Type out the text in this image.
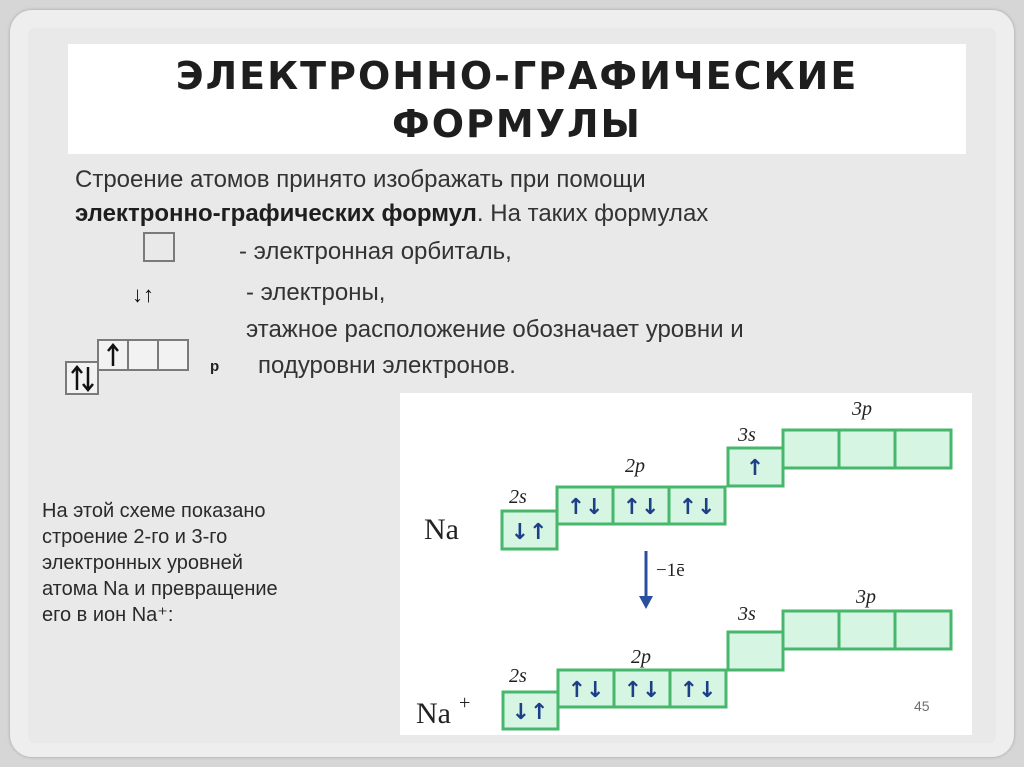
ЭЛЕКТРОННО-ГРАФИЧЕСКИЕ

ФОРМУЛЫ

Строение атомов принято изображать при помощи

электронно-графических формул. На таких формулах

- электронная орбиталь,

↓↑	- электроны,

этажное расположение обозначает уровни и

подуровни электронов.

p

На этой схеме показано

строение 2-го и 3-го

электронных уровней

атома Na и превращение

его в ион Na⁺:

Na
2s
2p
3s
3p
↓↑
↑↓ ↑↓ ↑↓
↑
−1ē
Na +
2s
2p
3s
3p
↓↑
↑↓ ↑↓ ↑↓

45
